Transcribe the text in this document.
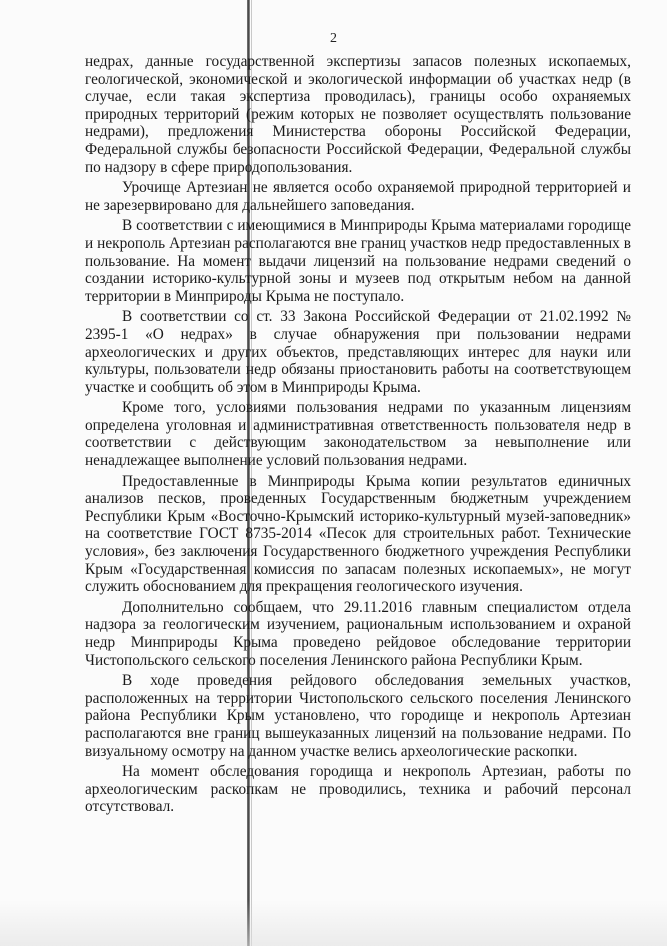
2

недрах, данные государственной экспертизы запасов полезных ископаемых, геологической, экономической и экологической информации об участках недр (в случае, если такая экспертиза проводилась), границы особо охраняемых природных территорий (режим которых не позволяет осуществлять пользование недрами), предложения Министерства обороны Российской Федерации, Федеральной службы безопасности Российской Федерации, Федеральной службы по надзору в сфере природопользования.

Урочище Артезиан не является особо охраняемой природной территорией и не зарезервировано для дальнейшего заповедания.

В соответствии с имеющимися в Минприроды Крыма материалами городище и некрополь Артезиан располагаются вне границ участков недр предоставленных в пользование. На момент выдачи лицензий на пользование недрами сведений о создании историко-культурной зоны и музеев под открытым небом на данной территории в Минприроды Крыма не поступало.

В соответствии со ст. 33 Закона Российской Федерации от 21.02.1992 № 2395-1 «О недрах» в случае обнаружения при пользовании недрами археологических и других объектов, представляющих интерес для науки или культуры, пользователи недр обязаны приостановить работы на соответствующем участке и сообщить об этом в Минприроды Крыма.

Кроме того, условиями пользования недрами по указанным лицензиям определена уголовная и административная ответственность пользователя недр в соответствии с действующим законодательством за невыполнение или ненадлежащее выполнение условий пользования недрами.

Предоставленные в Минприроды Крыма копии результатов единичных анализов песков, проведенных Государственным бюджетным учреждением Республики Крым «Восточно-Крымский историко-культурный музей-заповедник» на соответствие ГОСТ 8735-2014 «Песок для строительных работ. Технические условия», без заключения Государственного бюджетного учреждения Республики Крым «Государственная комиссия по запасам полезных ископаемых», не могут служить обоснованием для прекращения геологического изучения.

Дополнительно сообщаем, что 29.11.2016 главным специалистом отдела надзора за геологическим изучением, рациональным использованием и охраной недр Минприроды Крыма проведено рейдовое обследование территории Чистопольского сельского поселения Ленинского района Республики Крым.

В ходе проведения рейдового обследования земельных участков, расположенных на территории Чистопольского сельского поселения Ленинского района Республики Крым установлено, что городище и некрополь Артезиан располагаются вне границ вышеуказанных лицензий на пользование недрами. По визуальному осмотру на данном участке велись археологические раскопки.

На момент обследования городища и некрополь Артезиан, работы по археологическим раскопкам не проводились, техника и рабочий персонал отсутствовал.
